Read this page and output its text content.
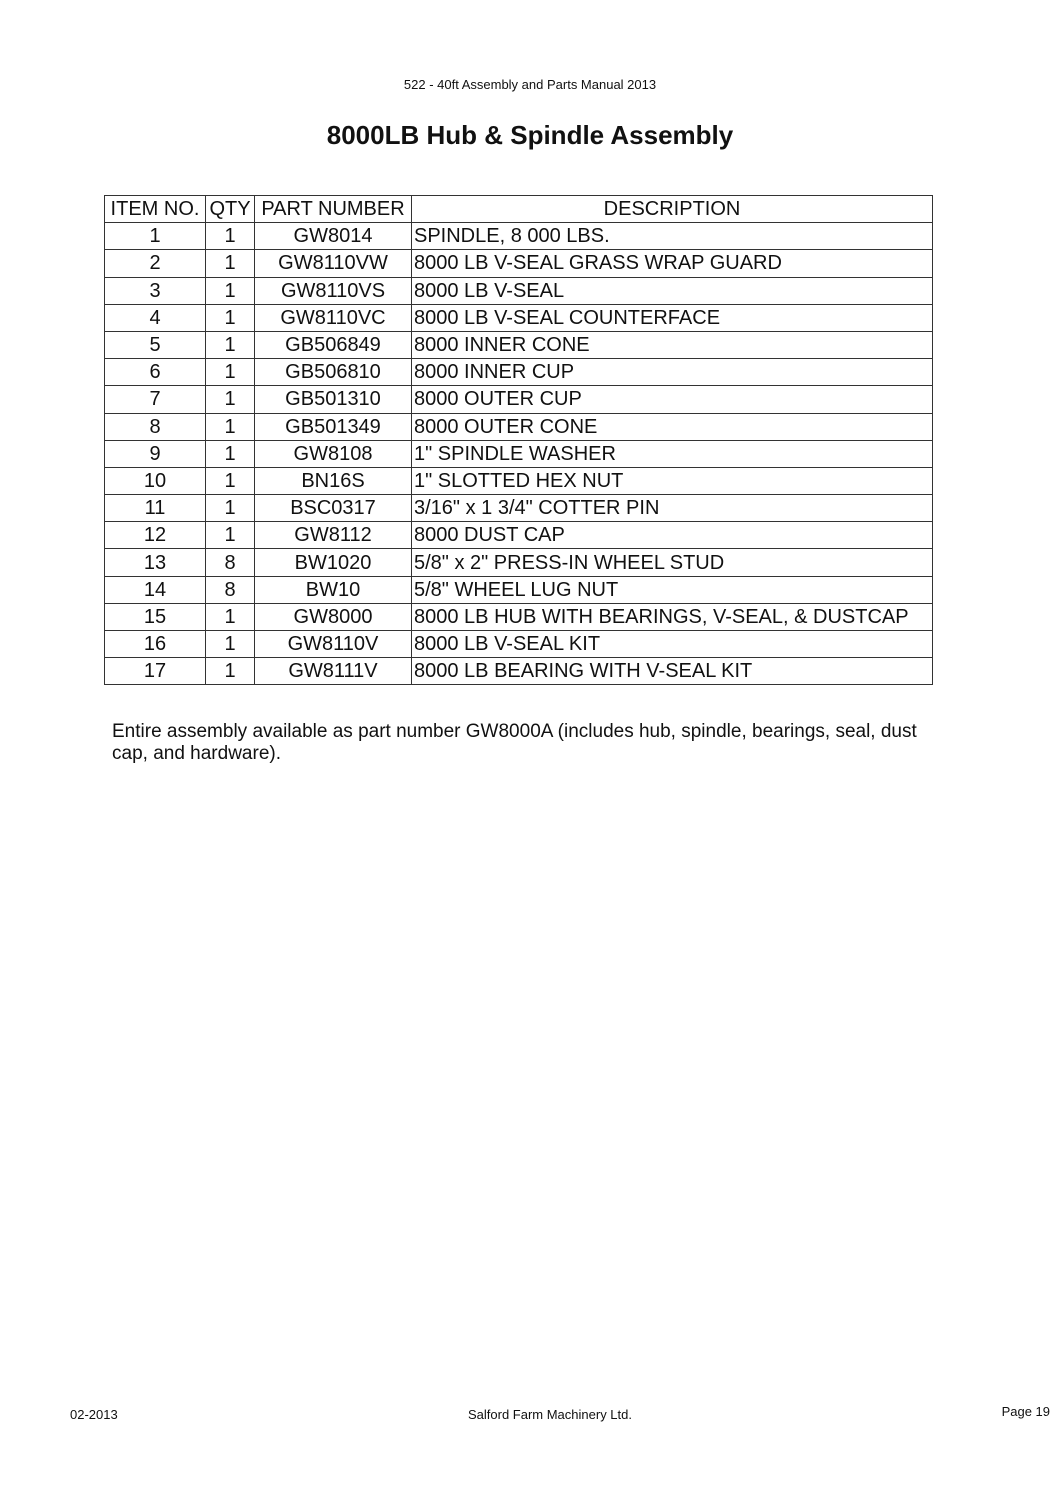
522 - 40ft Assembly and Parts Manual 2013
8000LB Hub & Spindle Assembly
ITEM NO.	QTY	PART NUMBER	DESCRIPTION
1	1	GW8014	SPINDLE, 8 000 LBS.
2	1	GW8110VW	8000 LB V-SEAL GRASS WRAP GUARD
3	1	GW8110VS	8000 LB V-SEAL
4	1	GW8110VC	8000 LB V-SEAL COUNTERFACE
5	1	GB506849	8000 INNER CONE
6	1	GB506810	8000 INNER CUP
7	1	GB501310	8000 OUTER CUP
8	1	GB501349	8000 OUTER CONE
9	1	GW8108	1" SPINDLE WASHER
10	1	BN16S	1" SLOTTED HEX NUT
11	1	BSC0317	3/16" x 1 3/4" COTTER PIN
12	1	GW8112	8000 DUST CAP
13	8	BW1020	5/8" x 2" PRESS-IN WHEEL STUD
14	8	BW10	5/8" WHEEL LUG NUT
15	1	GW8000	8000 LB HUB WITH BEARINGS, V-SEAL, & DUSTCAP
16	1	GW8110V	8000 LB V-SEAL KIT
17	1	GW8111V	8000 LB BEARING WITH V-SEAL KIT

Entire assembly available as part number GW8000A (includes hub, spindle, bearings, seal, dust cap, and hardware).

02-2013	Salford Farm Machinery Ltd.	Page 19
